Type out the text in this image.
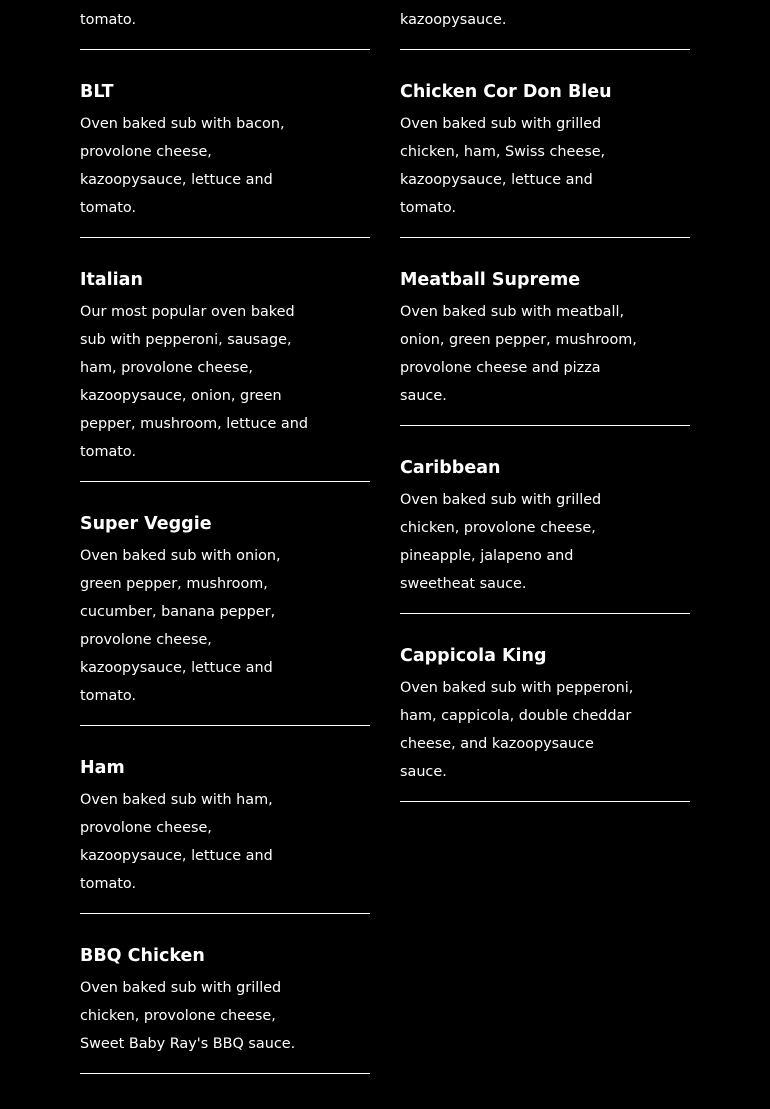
tomato.

BLT

Oven baked sub with bacon,
provolone cheese,
kazoopysauce, lettuce and
tomato.

Italian

Our most popular oven baked
sub with pepperoni, sausage,
ham, provolone cheese,
kazoopysauce, onion, green
pepper, mushroom, lettuce and
tomato.

Super Veggie

Oven baked sub with onion,
green pepper, mushroom,
cucumber, banana pepper,
provolone cheese,
kazoopysauce, lettuce and
tomato.

Ham

Oven baked sub with ham,
provolone cheese,
kazoopysauce, lettuce and
tomato.

BBQ Chicken

Oven baked sub with grilled
chicken, provolone cheese,
Sweet Baby Ray's BBQ sauce.

kazoopysauce.

Chicken Cor Don Bleu

Oven baked sub with grilled
chicken, ham, Swiss cheese,
kazoopysauce, lettuce and
tomato.

Meatball Supreme

Oven baked sub with meatball,
onion, green pepper, mushroom,
provolone cheese and pizza
sauce.

Caribbean

Oven baked sub with grilled
chicken, provolone cheese,
pineapple, jalapeno and
sweetheat sauce.

Cappicola King

Oven baked sub with pepperoni,
ham, cappicola, double cheddar
cheese, and kazoopysauce
sauce.
